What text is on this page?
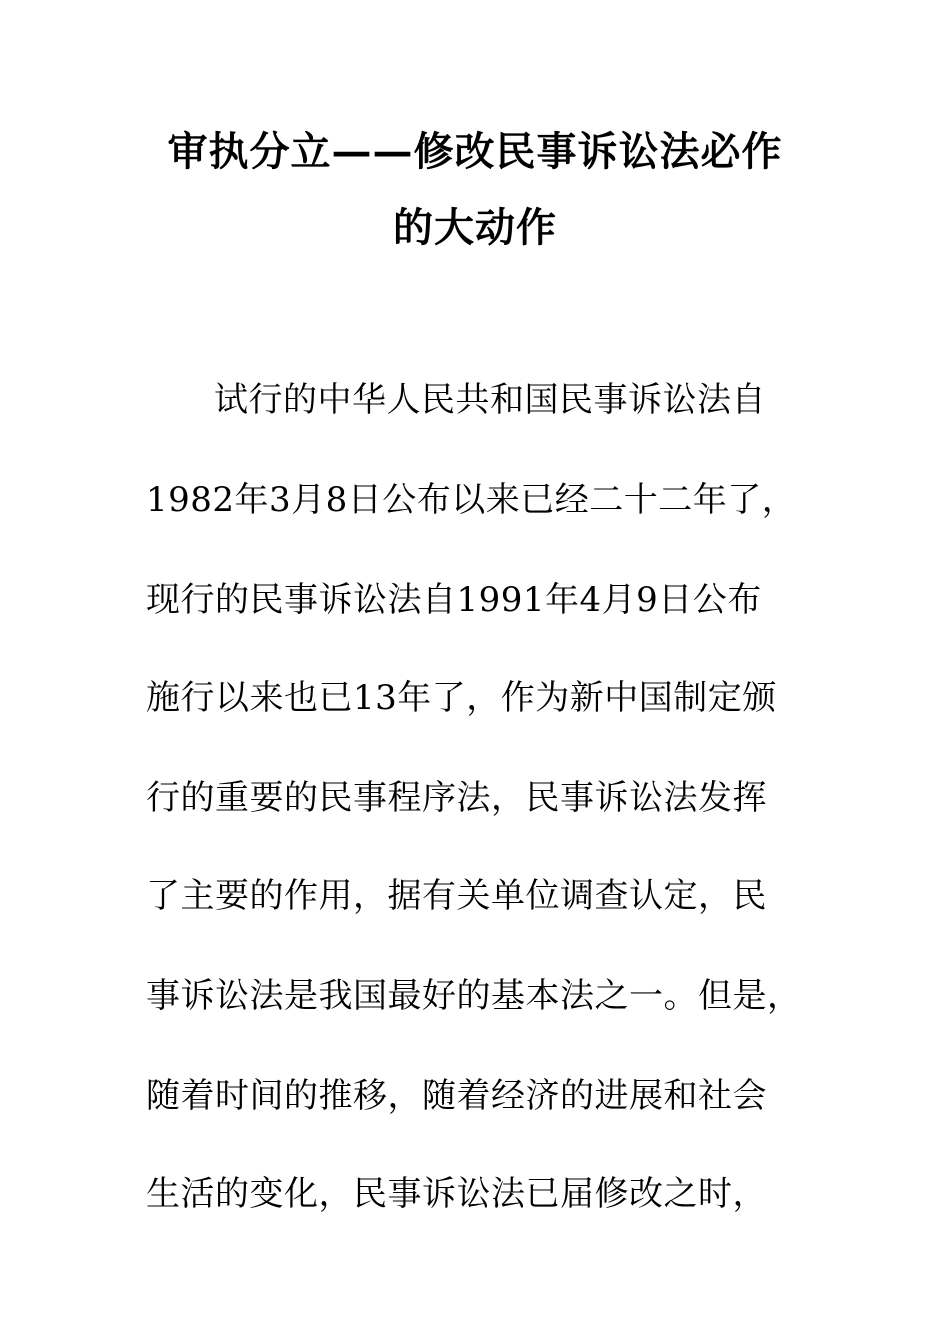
审执分立——修改民事诉讼法必作
的大动作
试行的中华人民共和国民事诉讼法自
1982年3月8日公布以来已经二十二年了，
现行的民事诉讼法自1991年4月9日公布
施行以来也已13年了，作为新中国制定颁
行的重要的民事程序法，民事诉讼法发挥
了主要的作用，据有关单位调查认定，民
事诉讼法是我国最好的基本法之一。但是，
随着时间的推移，随着经济的进展和社会
生活的变化，民事诉讼法已届修改之时，
